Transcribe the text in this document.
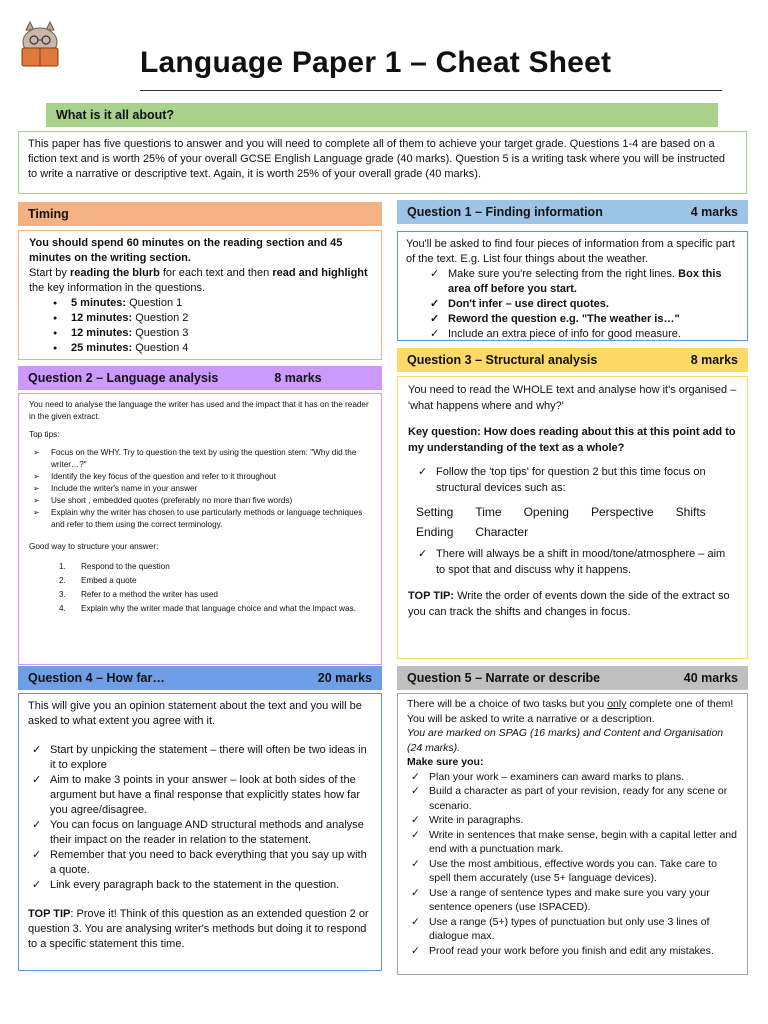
Language Paper 1 – Cheat Sheet
What is it all about?

This paper has five questions to answer and you will need to complete all of them to achieve your target grade. Questions 1-4 are based on a fiction text and is worth 25% of your overall GCSE English Language grade (40 marks). Question 5 is a writing task where you will be instructed to write a narrative or descriptive text. Again, it is worth 25% of your overall grade (40 marks).

Timing

You should spend 60 minutes on the reading section and 45 minutes on the writing section.

Start by reading the blurb for each text and then read and highlight the key information in the questions.

● 5 minutes: Question 1
● 12 minutes: Question 2
● 12 minutes: Question 3
● 25 minutes: Question 4
Question 1 – Finding information	4 marks

You'll be asked to find four pieces of information from a specific part of the text. E.g. List four things about the weather.

✓ Make sure you're selecting from the right lines. Box this area off before you start.
✓ Don't infer – use direct quotes.
✓ Reword the question e.g. "The weather is…"
✓ Include an extra piece of info for good measure.
Question 2 – Language analysis	8 marks

You need to analyse the language the writer has used and the impact that it has on the reader in the given extract.

Top tips:

➢ Focus on the WHY. Try to question the text by using the question stem: "Why did the writer…?"
➢ Identify the key focus of the question and refer to it throughout
➢ Include the writer's name in your answer
➢ Use short , embedded quotes (preferably no more than five words)
➢ Explain why the writer has chosen to use particularly methods or language techniques and refer to them using the correct terminology.

Good way to structure your answer:

1. Respond to the question
2. Embed a quote
3. Refer to a method the writer has used
4. Explain why the writer made that language choice and what the impact was.
Question 3 – Structural analysis	8 marks

You need to read the WHOLE text and analyse how it's organised – 'what happens where and why?'

Key question: How does reading about this at this point add to my understanding of the text as a whole?

✓ Follow the 'top tips' for question 2 but this time focus on structural devices such as:
Setting Time Opening Perspective Shifts
Ending Character
✓ There will always be a shift in mood/tone/atmosphere – aim to spot that and discuss why it happens.

TOP TIP: Write the order of events down the side of the extract so you can track the shifts and changes in focus.

Question 4 – How far…	20 marks

This will give you an opinion statement about the text and you will be asked to what extent you agree with it.

✓ Start by unpicking the statement – there will often be two ideas in it to explore
✓ Aim to make 3 points in your answer – look at both sides of the argument but have a final response that explicitly states how far you agree/disagree.
✓ You can focus on language AND structural methods and analyse their impact on the reader in relation to the statement.
✓ Remember that you need to back everything that you say up with a quote.
✓ Link every paragraph back to the statement in the question.

TOP TIP: Prove it! Think of this question as an extended question 2 or question 3. You are analysing writer's methods but doing it to respond to a specific statement this time.

Question 5 – Narrate or describe	40 marks

There will be a choice of two tasks but you only complete one of them! You will be asked to write a narrative or a description.

You are marked on SPAG (16 marks) and Content and Organisation (24 marks).

Make sure you:

✓ Plan your work – examiners can award marks to plans.
✓ Build a character as part of your revision, ready for any scene or scenario.
✓ Write in paragraphs.
✓ Write in sentences that make sense, begin with a capital letter and end with a punctuation mark.
✓ Use the most ambitious, effective words you can. Take care to spell them accurately (use 5+ language devices).
✓ Use a range of sentence types and make sure you vary your sentence openers (use ISPACED).
✓ Use a range (5+) types of punctuation but only use 3 lines of dialogue max.
✓ Proof read your work before you finish and edit any mistakes.
